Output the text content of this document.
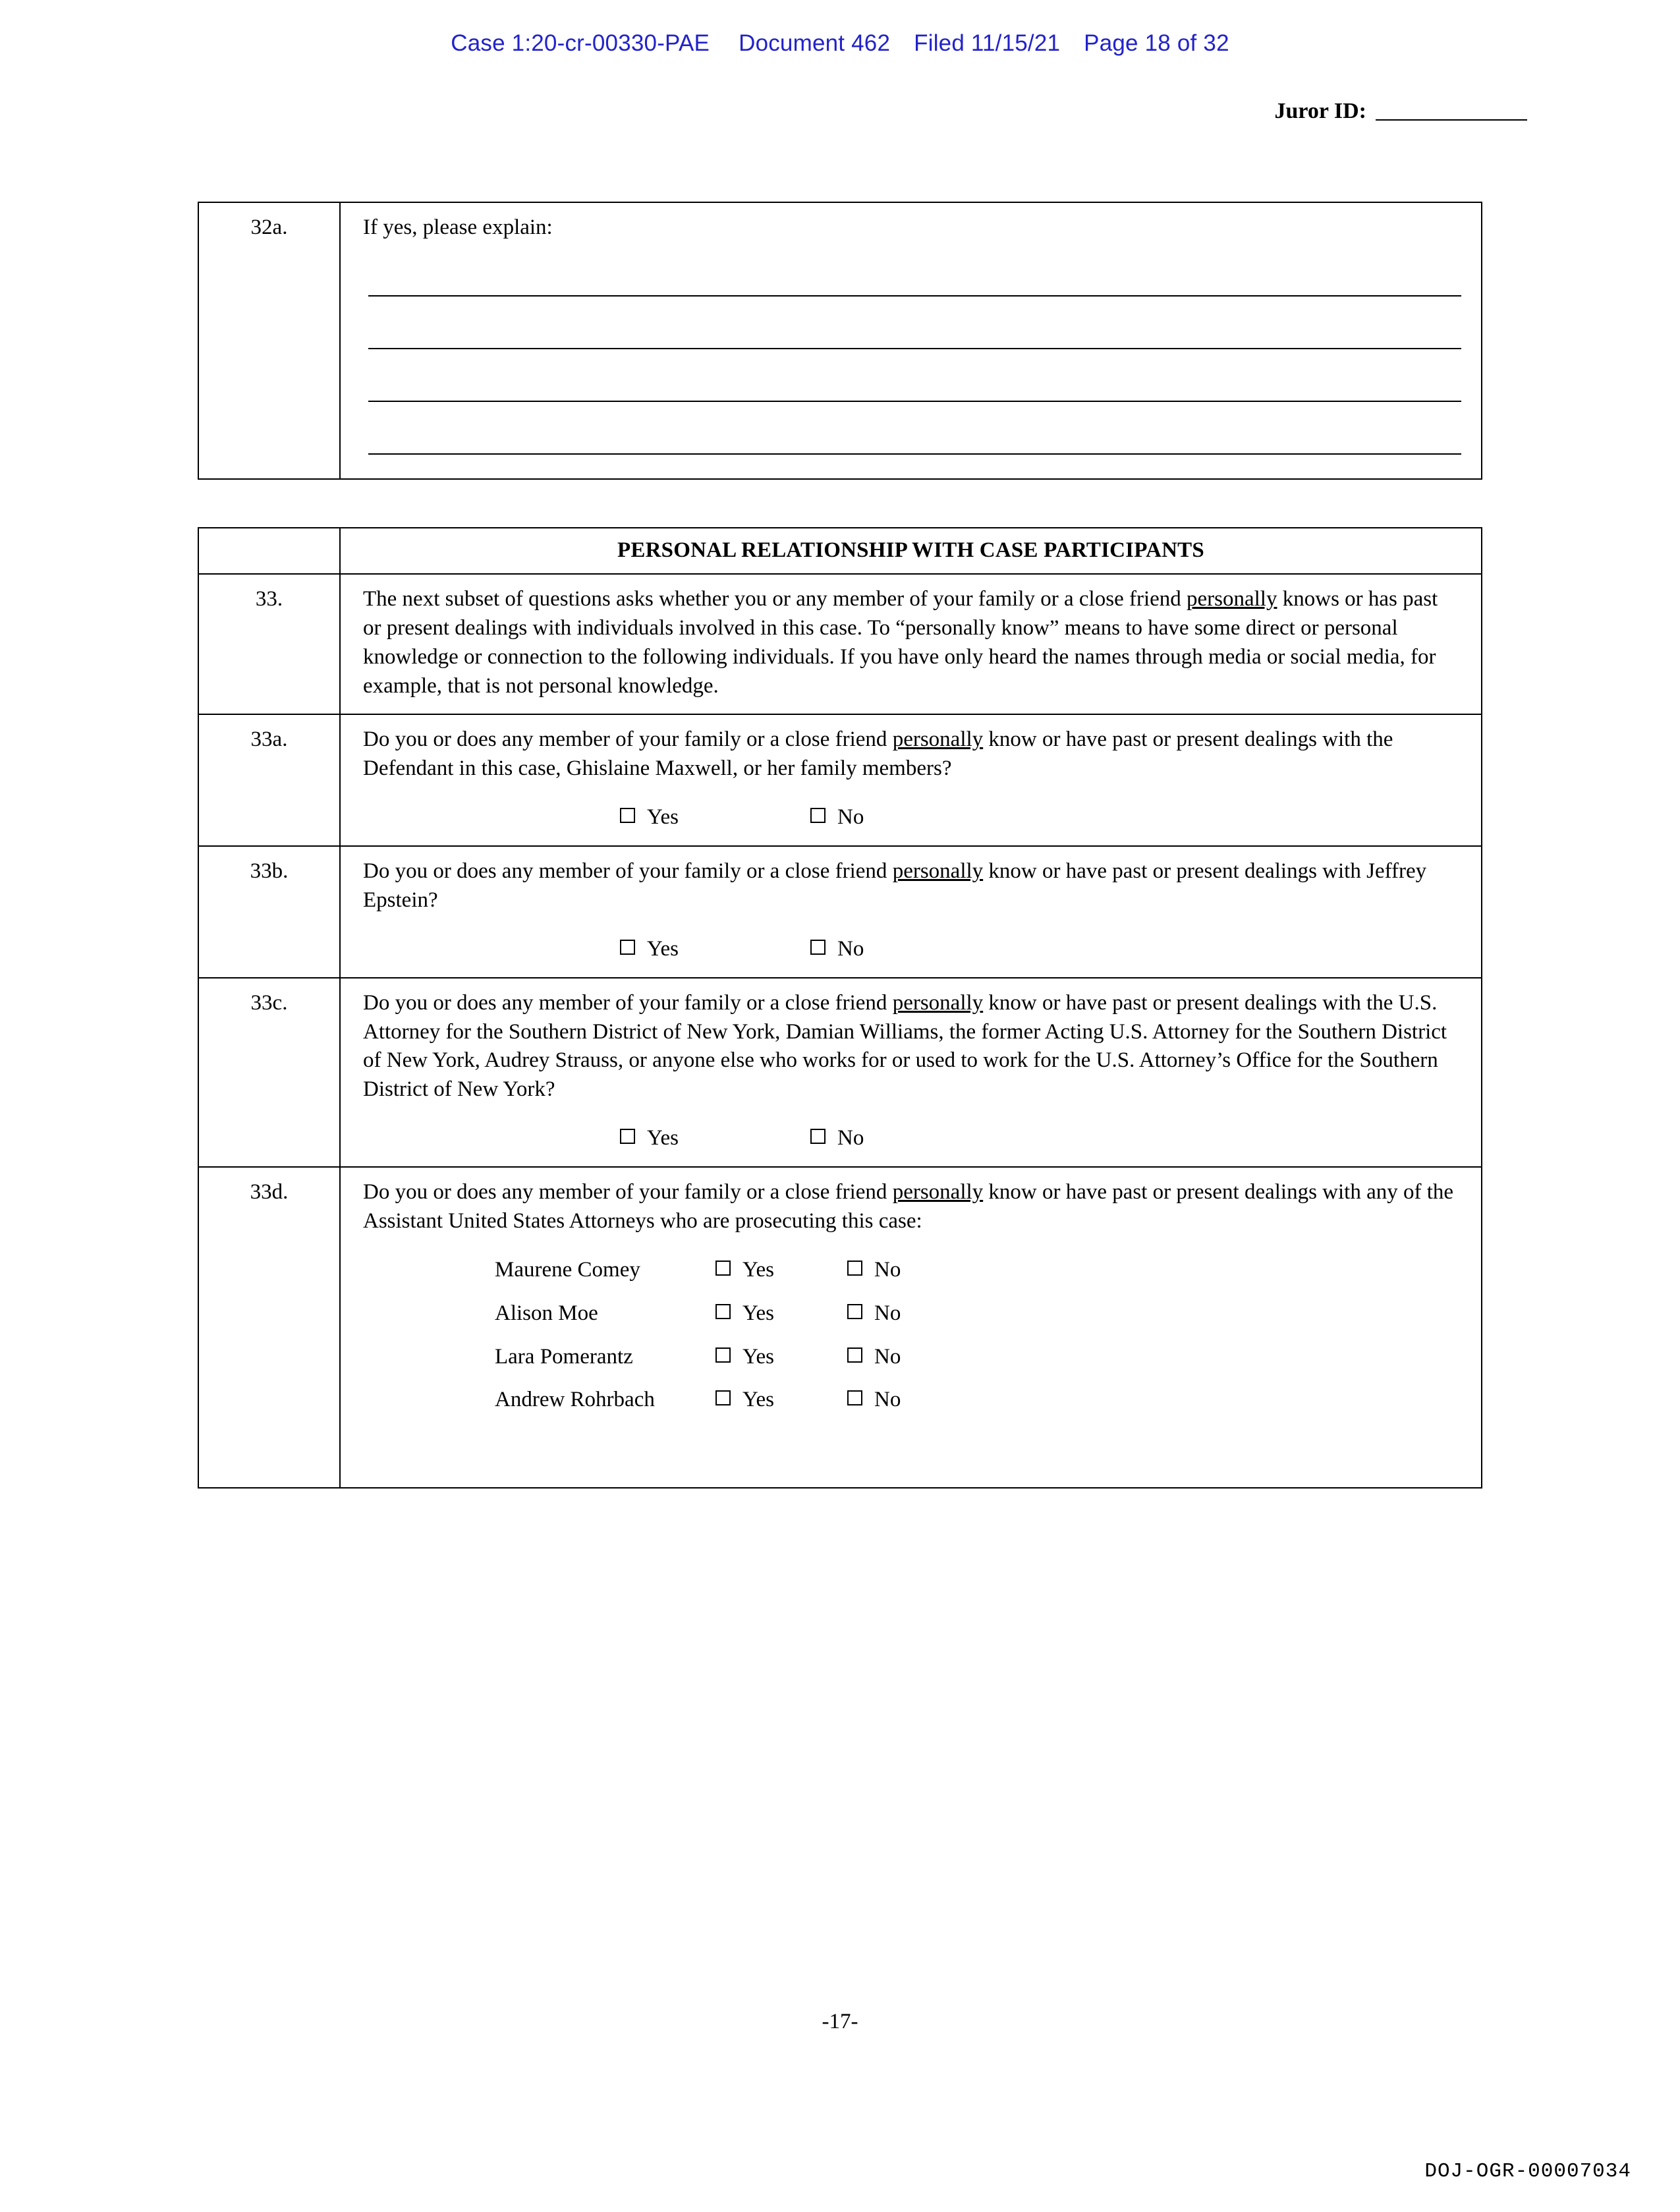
Case 1:20-cr-00330-PAE Document 462 Filed 11/15/21 Page 18 of 32
Juror ID:
32a.	If yes, please explain:

	PERSONAL RELATIONSHIP WITH CASE PARTICIPANTS
33.	The next subset of questions asks whether you or any member of your family or a close friend personally knows or has past or present dealings with individuals involved in this case. To “personally know” means to have some direct or personal knowledge or connection to the following individuals. If you have only heard the names through media or social media, for example, that is not personal knowledge.

33a.	Do you or does any member of your family or a close friend personally know or have past or present dealings with the Defendant in this case, Ghislaine Maxwell, or her family members?

Yes No

33b.	Do you or does any member of your family or a close friend personally know or have past or present dealings with Jeffrey Epstein?

Yes No

33c.	Do you or does any member of your family or a close friend personally know or have past or present dealings with the U.S. Attorney for the Southern District of New York, Damian Williams, the former Acting U.S. Attorney for the Southern District of New York, Audrey Strauss, or anyone else who works for or used to work for the U.S. Attorney’s Office for the Southern District of New York?

Yes No

33d.	Do you or does any member of your family or a close friend personally know or have past or present dealings with any of the Assistant United States Attorneys who are prosecuting this case:

Maurene Comey	Yes	No
Alison Moe	Yes	No
Lara Pomerantz	Yes	No
Andrew Rohrbach	Yes	No
-17-
DOJ-OGR-00007034
